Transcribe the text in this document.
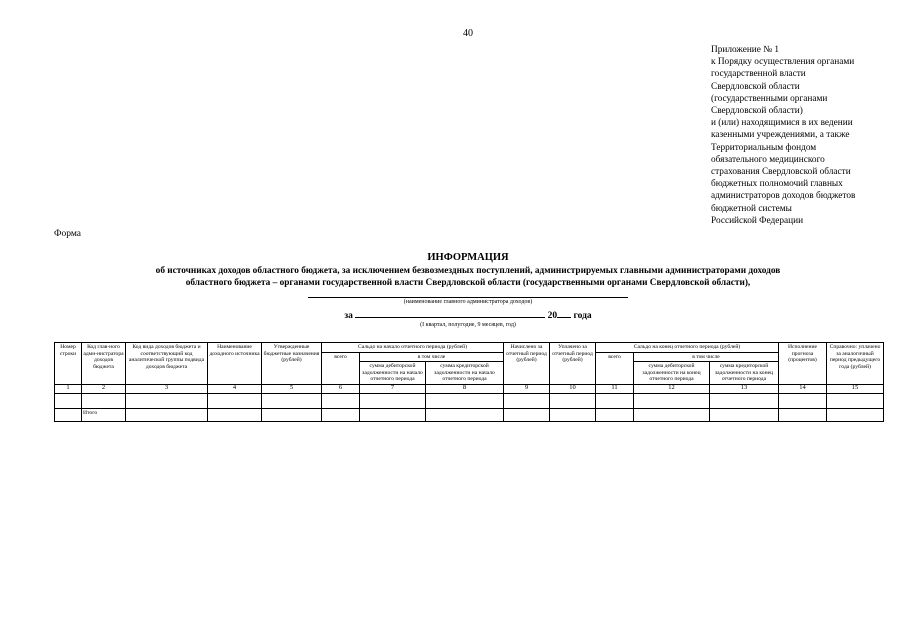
40
Приложение № 1
к Порядку осуществления органами
государственной власти
Свердловской области
(государственными органами
Свердловской области)
и (или) находящимися в их ведении
казенными учреждениями, а также
Территориальным фондом
обязательного медицинского
страхования Свердловской области
бюджетных полномочий главных
администраторов доходов бюджетов
бюджетной системы
Российской Федерации
Форма
ИНФОРМАЦИЯ
об источниках доходов областного бюджета, за исключением безвозмездных поступлений, администрируемых главными администраторами доходов
областного бюджета – органами государственной власти Свердловской области (государственными органами Свердловской области),
(наименование главного администратора доходов)
за	20 года
(I квартал, полугодие, 9 месяцев, год)
Номер строки	Код глав-ного адми-нистратора доходов бюджета	Код вида доходов бюджета и соответствующий код аналитической группы подвида доходов бюджета	Наименование доходного источника	Утвержденные бюджетные назначения (рублей)	Сальдо на начало отчетного периода (рублей)			Начислено за отчетный период (рублей)	Уплачено за отчетный период (рублей)	Сальдо на конец отчетного периода (рублей)			Исполнение прогноза (процентов)	Справочно: уплачено за аналогичный период предыдущего года (рублей)
					всего	в том числе				всего	в том числе			
						сумма дебиторской задолженности на начало отчетного периода	сумма кредиторской задолженности на начало отчетного периода				сумма дебиторской задолженности на конец отчетного периода	сумма кредиторской задолженности на конец отчетного периода		
1	2	3	4	5	6	7	8	9	10	11	12	13	14	15

	Итого													
